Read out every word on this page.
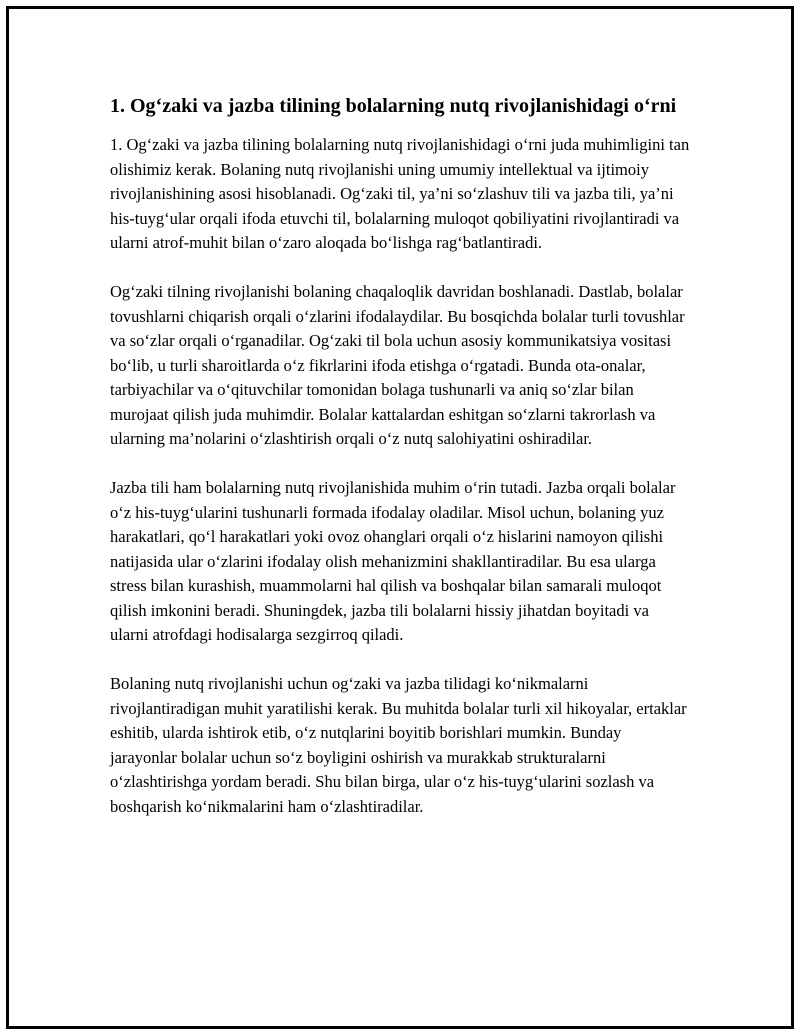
1. Og‘zaki va jazba tilining bolalarning nutq rivojlanishidagi o‘rni

1. Og‘zaki va jazba tilining bolalarning nutq rivojlanishidagi o‘rni juda muhimligini tan olishimiz kerak. Bolaning nutq rivojlanishi uning umumiy intellektual va ijtimoiy rivojlanishining asosi hisoblanadi. Og‘zaki til, ya’ni so‘zlashuv tili va jazba tili, ya’ni his-tuyg‘ular orqali ifoda etuvchi til, bolalarning muloqot qobiliyatini rivojlantiradi va ularni atrof-muhit bilan o‘zaro aloqada bo‘lishga rag‘batlantiradi.

Og‘zaki tilning rivojlanishi bolaning chaqaloqlik davridan boshlanadi. Dastlab, bolalar tovushlarni chiqarish orqali o‘zlarini ifodalaydilar. Bu bosqichda bolalar turli tovushlar va so‘zlar orqali o‘rganadilar. Og‘zaki til bola uchun asosiy kommunikatsiya vositasi bo‘lib, u turli sharoitlarda o‘z fikrlarini ifoda etishga o‘rgatadi. Bunda ota-onalar, tarbiyachilar va o‘qituvchilar tomonidan bolaga tushunarli va aniq so‘zlar bilan murojaat qilish juda muhimdir. Bolalar kattalardan eshitgan so‘zlarni takrorlash va ularning ma’nolarini o‘zlashtirish orqali o‘z nutq salohiyatini oshiradilar.

Jazba tili ham bolalarning nutq rivojlanishida muhim o‘rin tutadi. Jazba orqali bolalar o‘z his-tuyg‘ularini tushunarli formada ifodalay oladilar. Misol uchun, bolaning yuz harakatlari, qo‘l harakatlari yoki ovoz ohanglari orqali o‘z hislarini namoyon qilishi natijasida ular o‘zlarini ifodalay olish mehanizmini shakllantiradilar. Bu esa ularga stress bilan kurashish, muammolarni hal qilish va boshqalar bilan samarali muloqot qilish imkonini beradi. Shuningdek, jazba tili bolalarni hissiy jihatdan boyitadi va ularni atrofdagi hodisalarga sezgirroq qiladi.

Bolaning nutq rivojlanishi uchun og‘zaki va jazba tilidagi ko‘nikmalarni rivojlantiradigan muhit yaratilishi kerak. Bu muhitda bolalar turli xil hikoyalar, ertaklar eshitib, ularda ishtirok etib, o‘z nutqlarini boyitib borishlari mumkin. Bunday jarayonlar bolalar uchun so‘z boyligini oshirish va murakkab strukturalarni o‘zlashtirishga yordam beradi. Shu bilan birga, ular o‘z his-tuyg‘ularini sozlash va boshqarish ko‘nikmalarini ham o‘zlashtiradilar.
